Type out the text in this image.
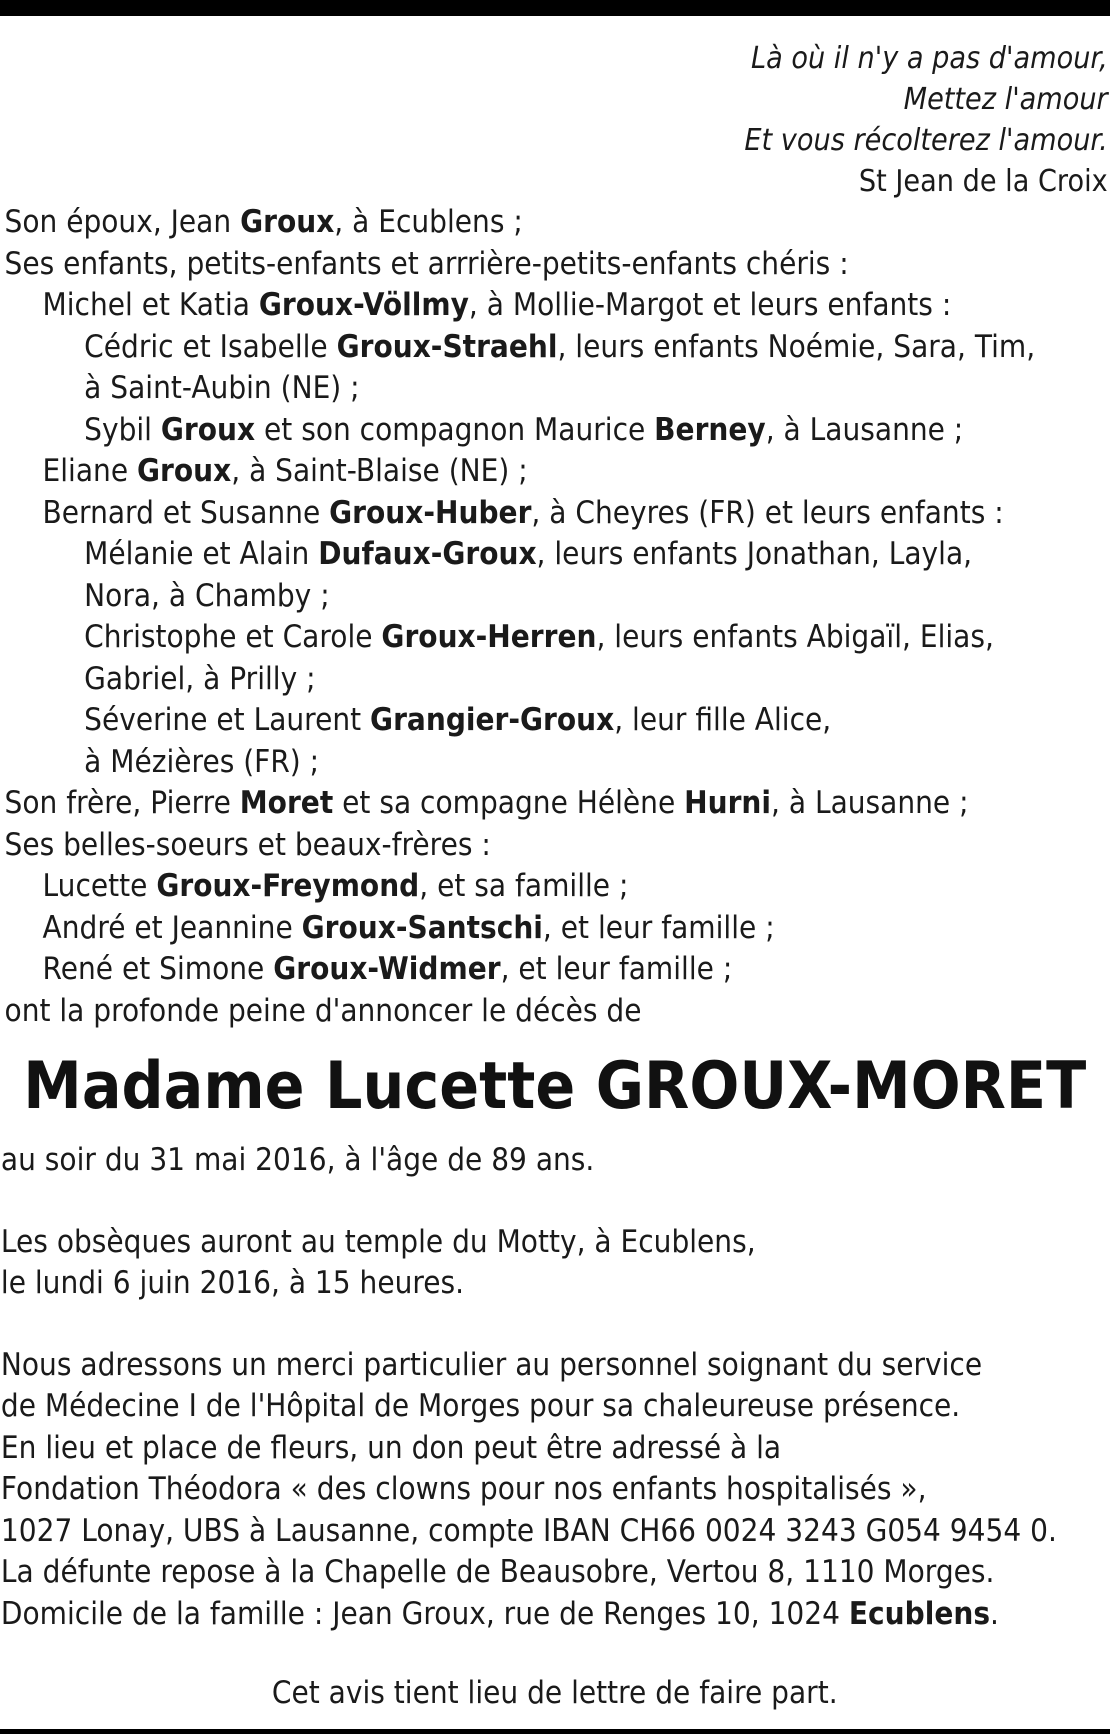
Là où il n'y a pas d'amour,
Mettez l'amour
Et vous récolterez l'amour.
St Jean de la Croix
Son époux, Jean Groux, à Ecublens ;
Ses enfants, petits-enfants et arrrière-petits-enfants chéris :
Michel et Katia Groux-Völlmy, à Mollie-Margot et leurs enfants :
Cédric et Isabelle Groux-Straehl, leurs enfants Noémie, Sara, Tim,
à Saint-Aubin (NE) ;
Sybil Groux et son compagnon Maurice Berney, à Lausanne ;
Eliane Groux, à Saint-Blaise (NE) ;
Bernard et Susanne Groux-Huber, à Cheyres (FR) et leurs enfants :
Mélanie et Alain Dufaux-Groux, leurs enfants Jonathan, Layla,
Nora, à Chamby ;
Christophe et Carole Groux-Herren, leurs enfants Abigaïl, Elias,
Gabriel, à Prilly ;
Séverine et Laurent Grangier-Groux, leur fille Alice,
à Mézières (FR) ;
Son frère, Pierre Moret et sa compagne Hélène Hurni, à Lausanne ;
Ses belles-soeurs et beaux-frères :
Lucette Groux-Freymond, et sa famille ;
André et Jeannine Groux-Santschi, et leur famille ;
René et Simone Groux-Widmer, et leur famille ;
ont la profonde peine d'annoncer le décès de
Madame Lucette GROUX-MORET
au soir du 31 mai 2016, à l'âge de 89 ans.
Les obsèques auront au temple du Motty, à Ecublens,
le lundi 6 juin 2016, à 15 heures.
Nous adressons un merci particulier au personnel soignant du service
de Médecine I de l'Hôpital de Morges pour sa chaleureuse présence.
En lieu et place de fleurs, un don peut être adressé à la
Fondation Théodora « des clowns pour nos enfants hospitalisés »,
1027 Lonay, UBS à Lausanne, compte IBAN CH66 0024 3243 G054 9454 0.
La défunte repose à la Chapelle de Beausobre, Vertou 8, 1110 Morges.
Domicile de la famille : Jean Groux, rue de Renges 10, 1024 Ecublens.
Cet avis tient lieu de lettre de faire part.
